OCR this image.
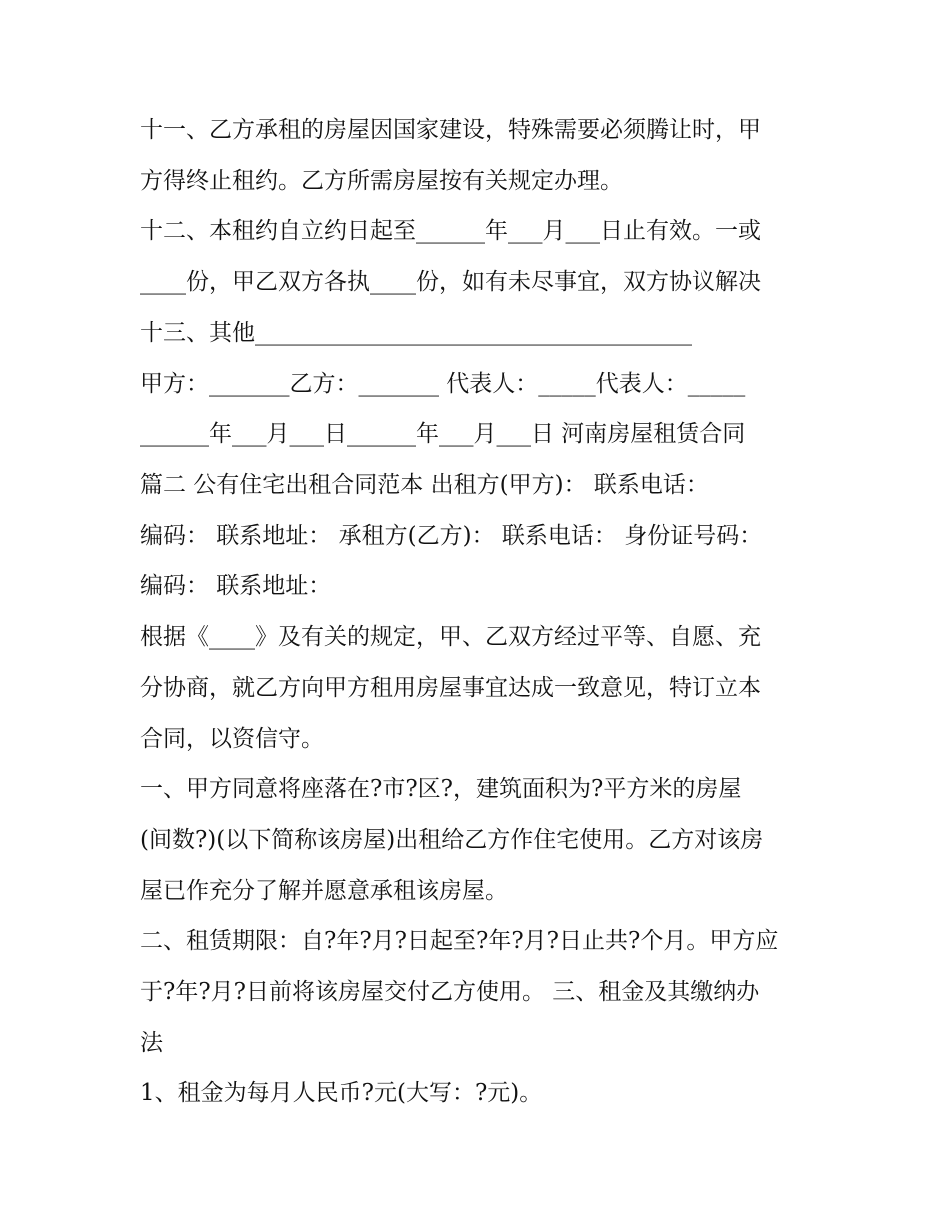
十一、乙方承租的房屋因国家建设，特殊需要必须腾让时，甲

方得终止租约。乙方所需房屋按有关规定办理。

十二、本租约自立约日起至______年___月___日止有效。一或

____份，甲乙双方各执____份，如有未尽事宜，双方协议解决

十三、其他______________________________________

甲方：_______乙方：_______ 代表人：_____代表人：_____

______年___月___日______年___月___日 河南房屋租赁合同

篇二 公有住宅出租合同范本 出租方(甲方)： 联系电话：

编码： 联系地址： 承租方(乙方)： 联系电话： 身份证号码：

编码： 联系地址：

根据《____》及有关的规定，甲、乙双方经过平等、自愿、充

分协商，就乙方向甲方租用房屋事宜达成一致意见，特订立本

合同，以资信守。

一、甲方同意将座落在?市?区?，建筑面积为?平方米的房屋

(间数?)(以下简称该房屋)出租给乙方作住宅使用。乙方对该房

屋已作充分了解并愿意承租该房屋。

二、租赁期限：自?年?月?日起至?年?月?日止共?个月。甲方应

于?年?月?日前将该房屋交付乙方使用。 三、租金及其缴纳办

法

1、租金为每月人民币?元(大写：?元)。
